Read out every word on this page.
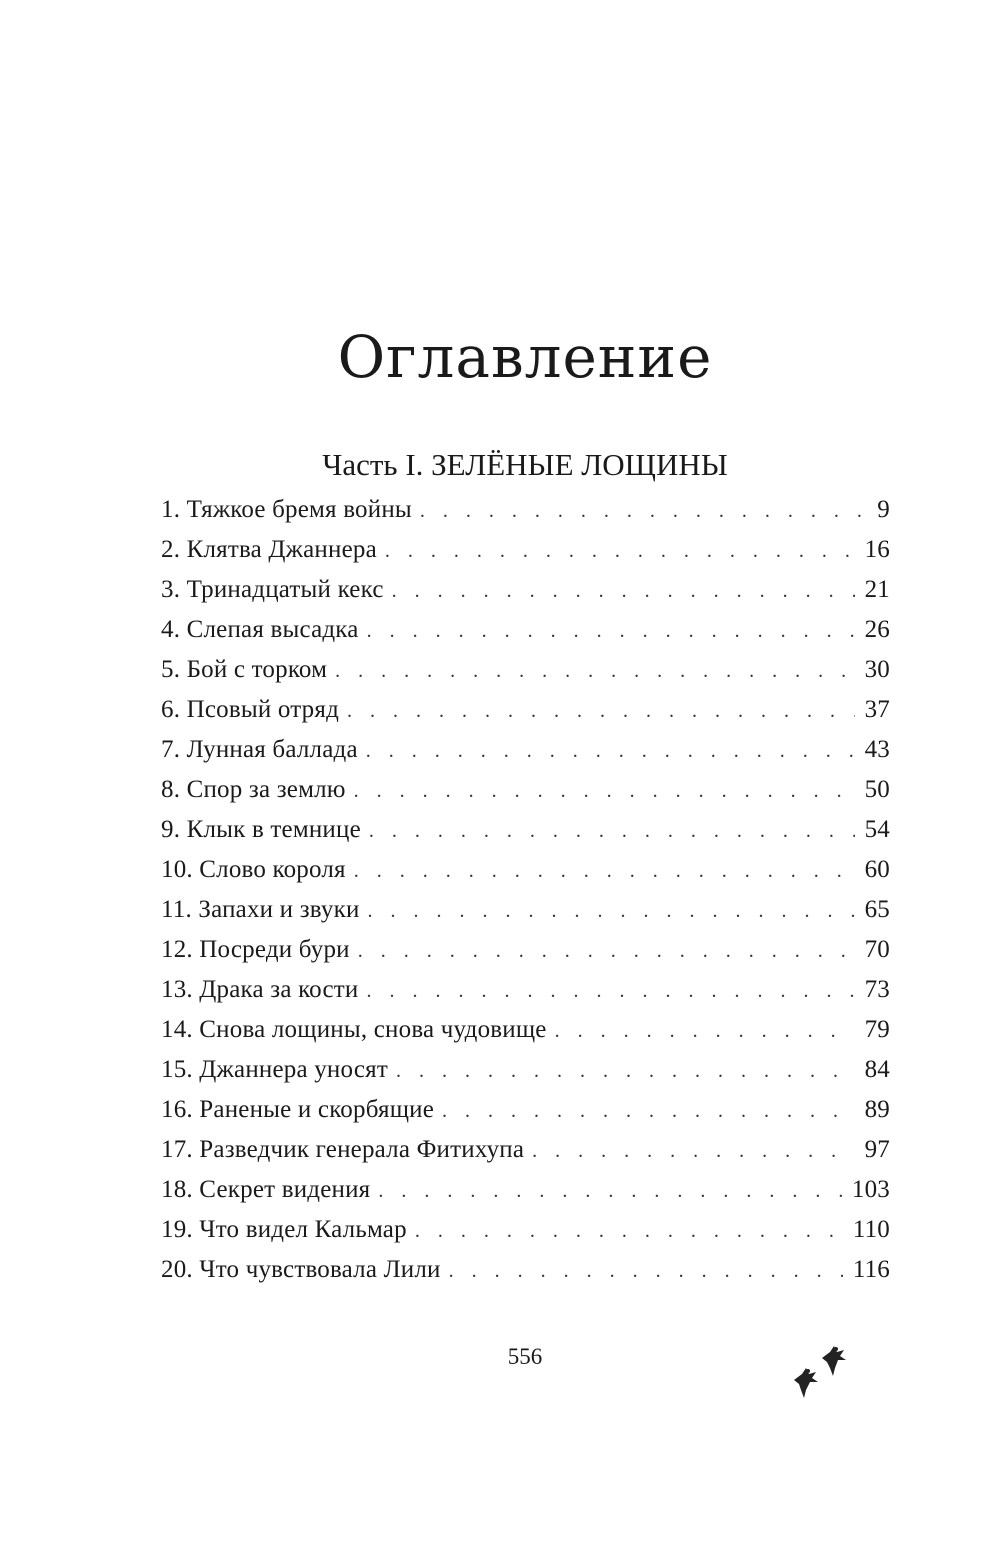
Оглавление
Часть I. ЗЕЛЁНЫЕ ЛОЩИНЫ
1. Тяжкое бремя войны . . .	9
2. Клятва Джаннера . . .	16
3. Тринадцатый кекс . . .	21
4. Слепая высадка . . .	26
5. Бой с торком . . .	30
6. Псовый отряд . . .	37
7. Лунная баллада . . .	43
8. Спор за землю . . .	50
9. Клык в темнице . . .	54
10. Слово короля . . .	60
11. Запахи и звуки . . .	65
12. Посреди бури . . .	70
13. Драка за кости . . .	73
14. Снова лощины, снова чудовище . . .	79
15. Джаннера уносят . . .	84
16. Раненые и скорбящие . . .	89
17. Разведчик генерала Фитихупа . . .	97
18. Секрет видения . . .	103
19. Что видел Кальмар . . .	110
20. Что чувствовала Лили . . .	116
556
